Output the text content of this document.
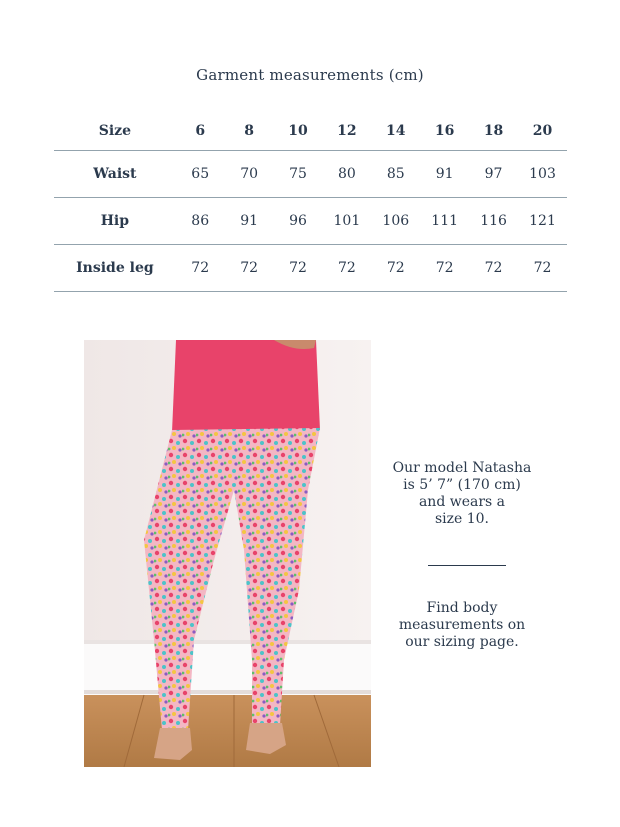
Garment measurements (cm)
Size	6	8	10	12	14	16	18	20
Waist	65	70	75	80	85	91	97	103
Hip	86	91	96	101	106	111	116	121
Inside leg	72	72	72	72	72	72	72	72
Our model Natasha
is 5’ 7” (170 cm)
and wears a
size 10.
Find body
measurements on
our sizing page.
